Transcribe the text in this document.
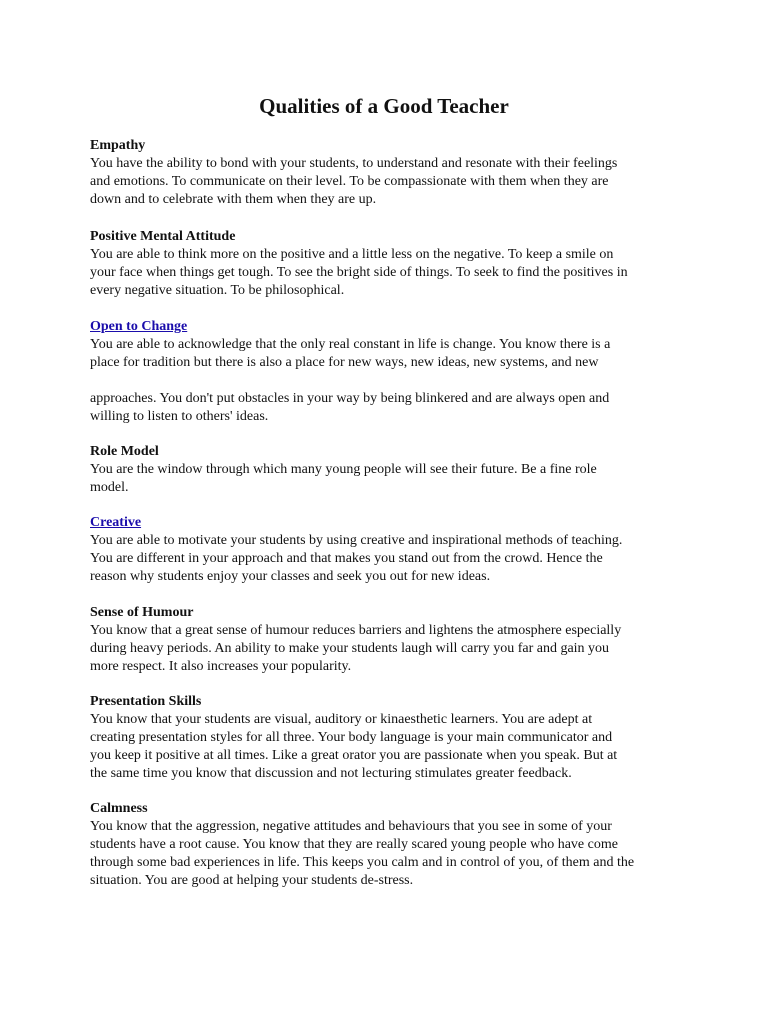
Qualities of a Good Teacher
Empathy
You have the ability to bond with your students, to understand and resonate with their feelings
and emotions. To communicate on their level. To be compassionate with them when they are
down and to celebrate with them when they are up.
Positive Mental Attitude
You are able to think more on the positive and a little less on the negative. To keep a smile on
your face when things get tough. To see the bright side of things. To seek to find the positives in
every negative situation. To be philosophical.
Open to Change
You are able to acknowledge that the only real constant in life is change. You know there is a
place for tradition but there is also a place for new ways, new ideas, new systems, and new
approaches. You don't put obstacles in your way by being blinkered and are always open and
willing to listen to others' ideas.
Role Model
You are the window through which many young people will see their future. Be a fine role
model.
Creative
You are able to motivate your students by using creative and inspirational methods of teaching.
You are different in your approach and that makes you stand out from the crowd. Hence the
reason why students enjoy your classes and seek you out for new ideas.
Sense of Humour
You know that a great sense of humour reduces barriers and lightens the atmosphere especially
during heavy periods. An ability to make your students laugh will carry you far and gain you
more respect. It also increases your popularity.
Presentation Skills
You know that your students are visual, auditory or kinaesthetic learners. You are adept at
creating presentation styles for all three. Your body language is your main communicator and
you keep it positive at all times. Like a great orator you are passionate when you speak. But at
the same time you know that discussion and not lecturing stimulates greater feedback.
Calmness
You know that the aggression, negative attitudes and behaviours that you see in some of your
students have a root cause. You know that they are really scared young people who have come
through some bad experiences in life. This keeps you calm and in control of you, of them and the
situation. You are good at helping your students de-stress.
